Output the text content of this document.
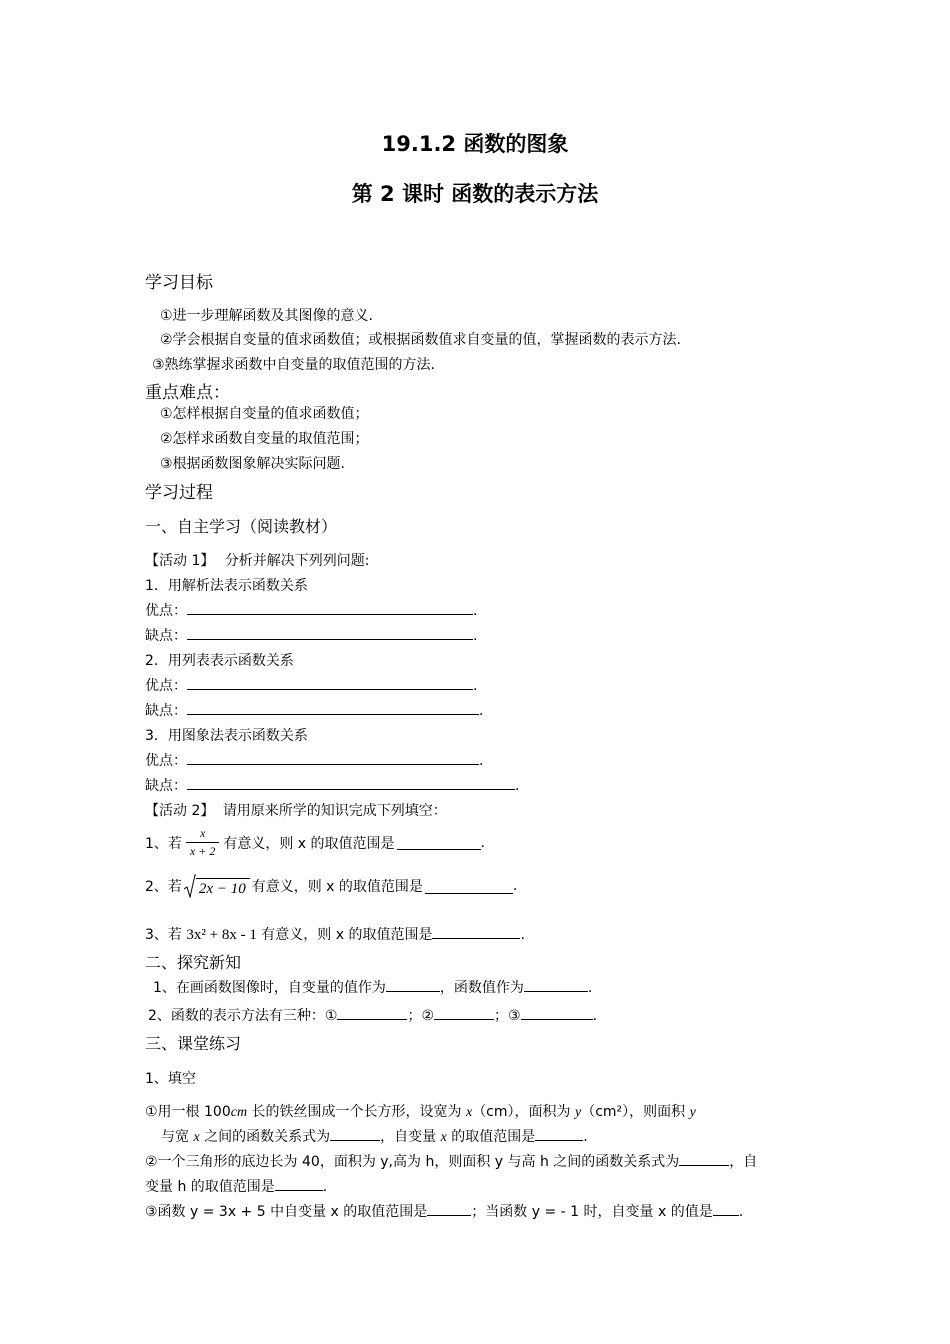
19.1.2 函数的图象
第 2 课时 函数的表示方法
学习目标
①进一步理解函数及其图像的意义.
②学会根据自变量的值求函数值；或根据函数值求自变量的值，掌握函数的表示方法.
③熟练掌握求函数中自变量的取值范围的方法.
重点难点：
①怎样根据自变量的值求函数值；
②怎样求函数自变量的取值范围；
③根据函数图象解决实际问题.
学习过程
一、自主学习（阅读教材）
【活动 1】 分析并解决下列列问题:
1．用解析法表示函数关系
优点：	.
缺点：	.
2．用列表表示函数关系
优点：	.
缺点：	.
3．用图象法表示函数关系
优点：	.
缺点：	.
【活动 2】 请用原来所学的知识完成下列填空：
1、若 $\frac{x}{x + 2}$ 有意义，则 x 的取值范围是	.
2、若 2x − 10 有意义，则 x 的取值范围是	.
3、若 3x² + 8x - 1 有意义，则 x 的取值范围是	.
二、探究新知
1、在画函数图像时，自变量的值作为	，函数值作为	.
2、函数的表示方法有三种：①	；②	；③	.
三、课堂练习
1、填空
①用一根 100cm 长的铁丝围成一个长方形，设宽为 x（cm），面积为 y（cm²），则面积 y
与宽 x 之间的函数关系式为	，自变量 x 的取值范围是	.
②一个三角形的底边长为 40，面积为 y,高为 h，则面积 y 与高 h 之间的函数关系式为	，自
变量 h 的取值范围是	.
③函数 y = 3x + 5 中自变量 x 的取值范围是	；当函数 y = - 1 时，自变量 x 的值是 .
